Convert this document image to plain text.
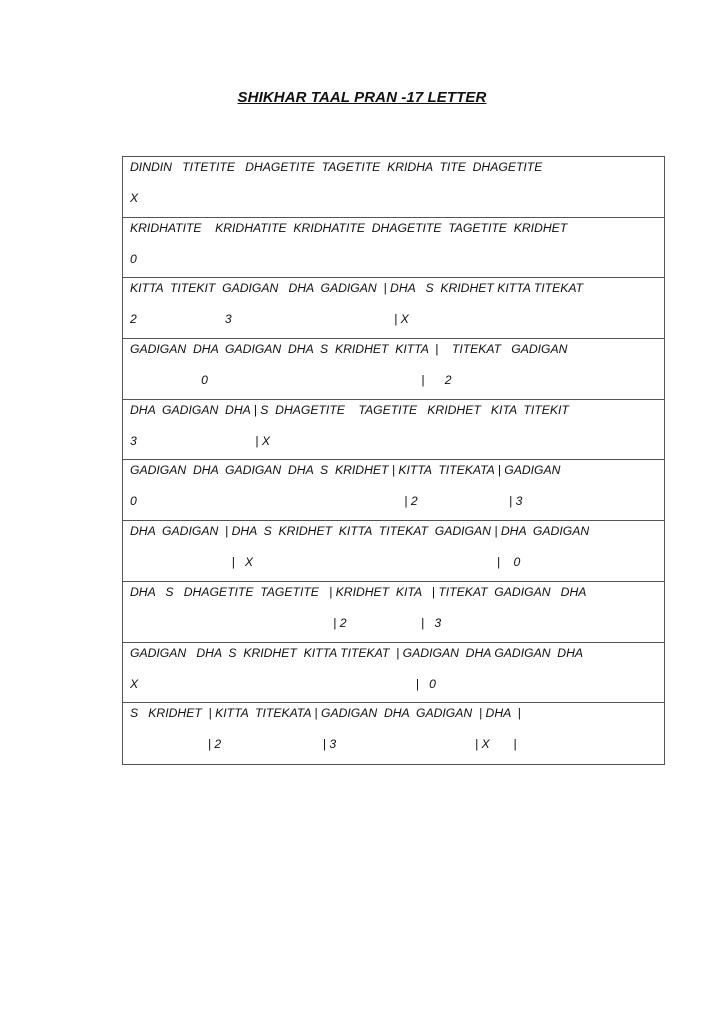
SHIKHAR TAAL PRAN -17 LETTER
DINDIN   TITETITE   DHAGETITE  TAGETITE  KRIDHA  TITE  DHAGETITE
X
KRIDHATITE    KRIDHATITE  KRIDHATITE  DHAGETITE  TAGETITE  KRIDHET
0
KITTA  TITEKIT  GADIGAN   DHA  GADIGAN  | DHA   S  KRIDHET KITTA TITEKAT
2                          3                                                | X
GADIGAN  DHA  GADIGAN  DHA  S  KRIDHET  KITTA  |    TITEKAT   GADIGAN
0                                                               |      2
DHA  GADIGAN  DHA | S  DHAGETITE    TAGETITE   KRIDHET   KITA  TITEKIT
3                                   | X
GADIGAN  DHA  GADIGAN  DHA  S  KRIDHET | KITTA  TITEKATA | GADIGAN
0                                                                               | 2                           | 3
DHA  GADIGAN  | DHA  S  KRIDHET  KITTA  TITEKAT  GADIGAN | DHA  GADIGAN
|   X                                                                        |    0
DHA   S   DHAGETITE  TAGETITE   | KRIDHET  KITA   | TITEKAT  GADIGAN   DHA
| 2                      |   3
GADIGAN   DHA  S  KRIDHET  KITTA TITEKAT  | GADIGAN  DHA GADIGAN  DHA
X                                                                                  |   0
S   KRIDHET  | KITTA  TITEKATA | GADIGAN  DHA  GADIGAN  | DHA  |
| 2                              | 3                                         | X       |
